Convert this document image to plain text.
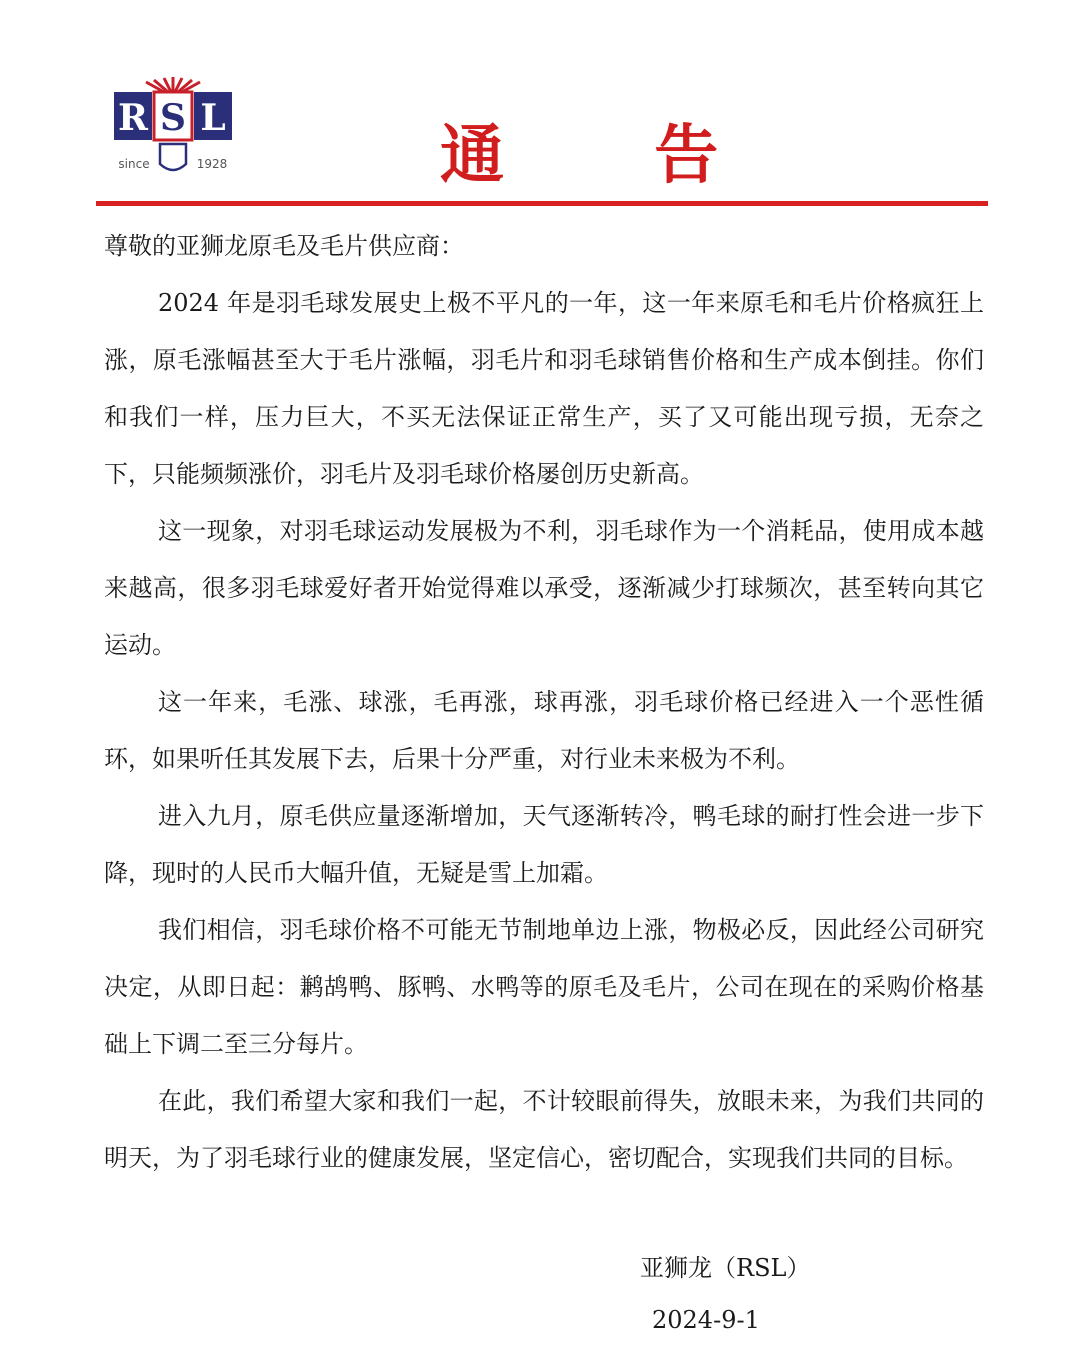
R S L
since	1928	通 告

尊敬的亚狮龙原毛及毛片供应商：

2024 年是羽毛球发展史上极不平凡的一年，这一年来原毛和毛片价格疯狂上涨，原毛涨幅甚至大于毛片涨幅，羽毛片和羽毛球销售价格和生产成本倒挂。你们和我们一样，压力巨大，不买无法保证正常生产，买了又可能出现亏损，无奈之下，只能频频涨价，羽毛片及羽毛球价格屡创历史新高。

这一现象，对羽毛球运动发展极为不利，羽毛球作为一个消耗品，使用成本越来越高，很多羽毛球爱好者开始觉得难以承受，逐渐减少打球频次，甚至转向其它运动。

这一年来，毛涨、球涨，毛再涨，球再涨，羽毛球价格已经进入一个恶性循环，如果听任其发展下去，后果十分严重，对行业未来极为不利。

进入九月，原毛供应量逐渐增加，天气逐渐转冷，鸭毛球的耐打性会进一步下降，现时的人民币大幅升值，无疑是雪上加霜。

我们相信，羽毛球价格不可能无节制地单边上涨，物极必反，因此经公司研究决定，从即日起：鹣鸪鸭、豚鸭、水鸭等的原毛及毛片，公司在现在的采购价格基础上下调二至三分每片。

在此，我们希望大家和我们一起，不计较眼前得失，放眼未来，为我们共同的明天，为了羽毛球行业的健康发展，坚定信心，密切配合，实现我们共同的目标。

亚狮龙（RSL）
2024-9-1
